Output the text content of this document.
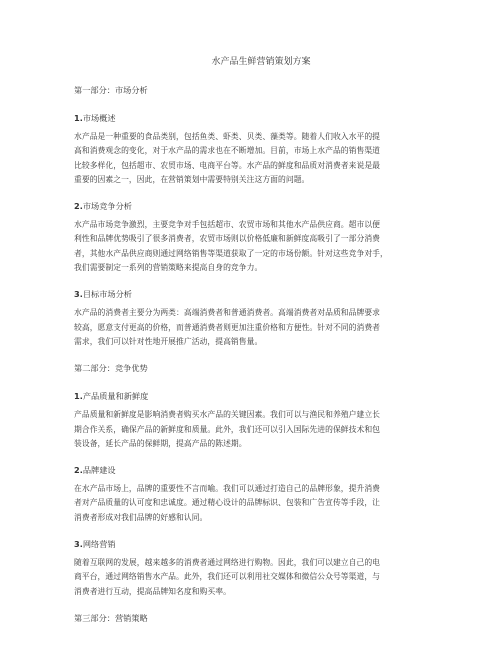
水产品生鲜营销策划方案
第一部分：市场分析
1.市场概述
水产品是一种重要的食品类别，包括鱼类、虾类、贝类、藻类等。随着人们收入水平的提
高和消费观念的变化，对于水产品的需求也在不断增加。目前，市场上水产品的销售渠道
比较多样化，包括超市、农贸市场、电商平台等。水产品的鲜度和品质对消费者来说是最
重要的因素之一，因此，在营销策划中需要特别关注这方面的问题。
2.市场竞争分析
水产品市场竞争激烈，主要竞争对手包括超市、农贸市场和其他水产品供应商。超市以便
利性和品牌优势吸引了很多消费者，农贸市场则以价格低廉和新鲜度高吸引了一部分消费
者，其他水产品供应商则通过网络销售等渠道获取了一定的市场份额。针对这些竞争对手，
我们需要制定一系列的营销策略来提高自身的竞争力。
3.目标市场分析
水产品的消费者主要分为两类：高端消费者和普通消费者。高端消费者对品质和品牌要求
较高，愿意支付更高的价格，而普通消费者则更加注重价格和方便性。针对不同的消费者
需求，我们可以针对性地开展推广活动，提高销售量。
第二部分：竞争优势
1.产品质量和新鲜度
产品质量和新鲜度是影响消费者购买水产品的关键因素。我们可以与渔民和养殖户建立长
期合作关系，确保产品的新鲜度和质量。此外，我们还可以引入国际先进的保鲜技术和包
装设备，延长产品的保鲜期，提高产品的陈述期。
2.品牌建设
在水产品市场上，品牌的重要性不言而喻。我们可以通过打造自己的品牌形象，提升消费
者对产品质量的认可度和忠诚度。通过精心设计的品牌标识、包装和广告宣传等手段，让
消费者形成对我们品牌的好感和认同。
3.网络营销
随着互联网的发展，越来越多的消费者通过网络进行购物。因此，我们可以建立自己的电
商平台，通过网络销售水产品。此外，我们还可以利用社交媒体和微信公众号等渠道，与
消费者进行互动，提高品牌知名度和购买率。
第三部分：营销策略
